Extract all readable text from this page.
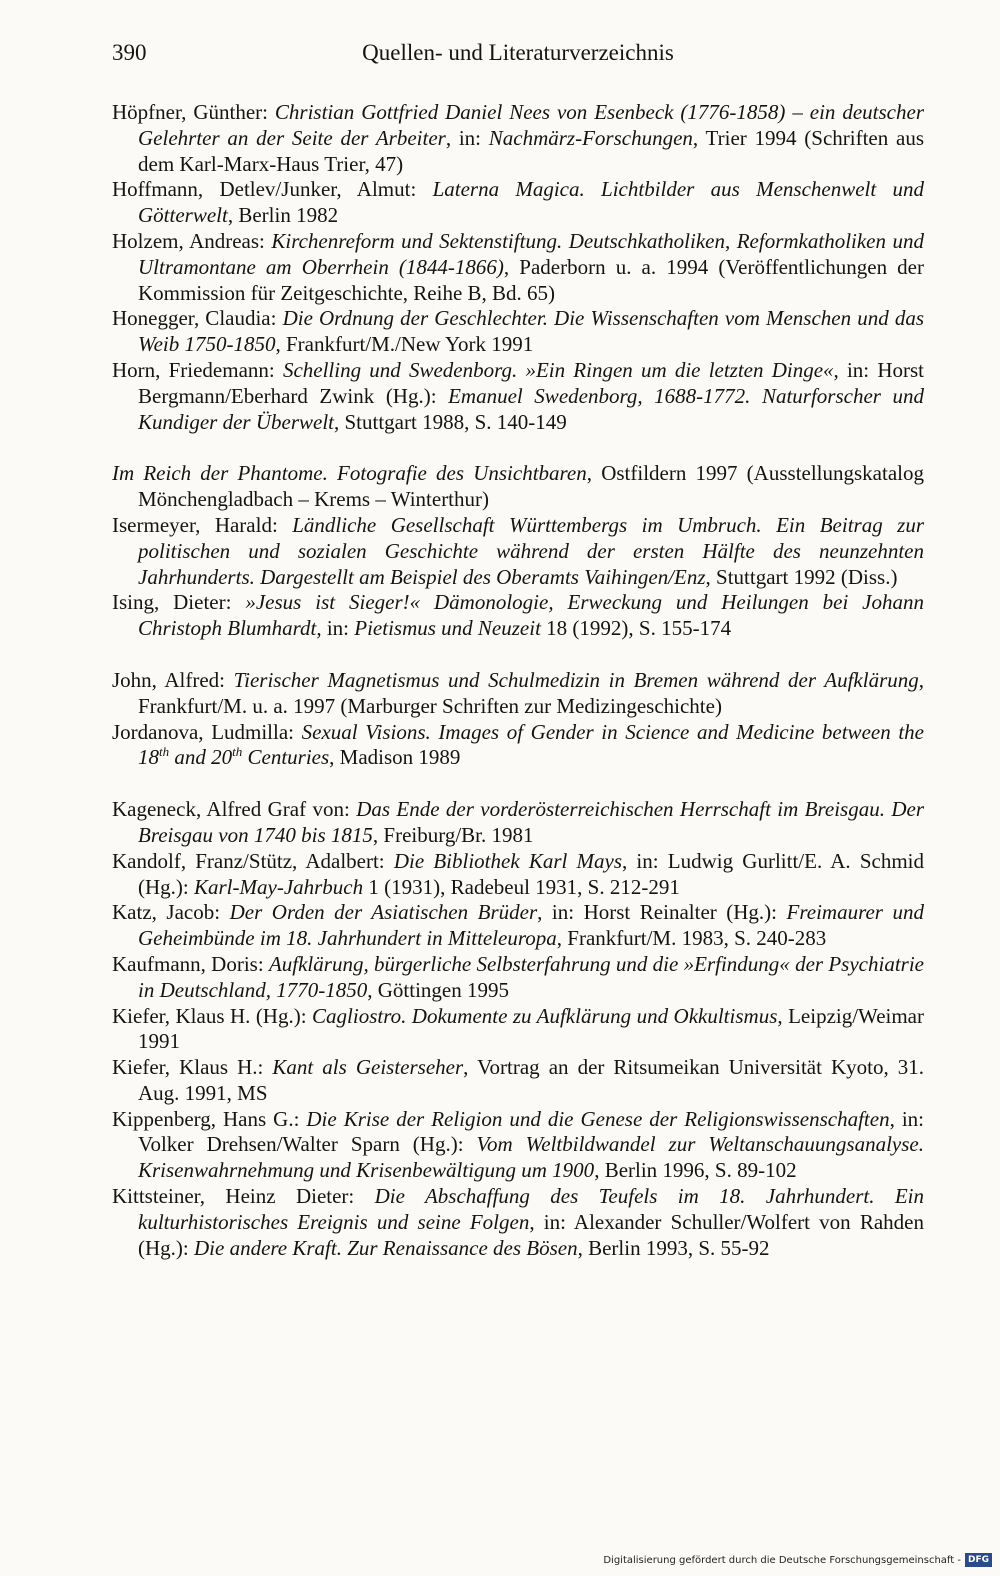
390	Quellen- und Literaturverzeichnis

Höpfner, Günther: Christian Gottfried Daniel Nees von Esenbeck (1776-1858) – ein deutscher Gelehrter an der Seite der Arbeiter, in: Nachmärz-Forschungen, Trier 1994 (Schriften aus dem Karl-Marx-Haus Trier, 47)

Hoffmann, Detlev/Junker, Almut: Laterna Magica. Lichtbilder aus Menschenwelt und Götterwelt, Berlin 1982

Holzem, Andreas: Kirchenreform und Sektenstiftung. Deutschkatholiken, Reformkatholiken und Ultramontane am Oberrhein (1844-1866), Paderborn u. a. 1994 (Veröffentlichungen der Kommission für Zeitgeschichte, Reihe B, Bd. 65)

Honegger, Claudia: Die Ordnung der Geschlechter. Die Wissenschaften vom Menschen und das Weib 1750-1850, Frankfurt/M./New York 1991

Horn, Friedemann: Schelling und Swedenborg. »Ein Ringen um die letzten Dinge«, in: Horst Bergmann/Eberhard Zwink (Hg.): Emanuel Swedenborg, 1688-1772. Naturforscher und Kundiger der Überwelt, Stuttgart 1988, S. 140-149

Im Reich der Phantome. Fotografie des Unsichtbaren, Ostfildern 1997 (Ausstellungskatalog Mönchengladbach – Krems – Winterthur)

Isermeyer, Harald: Ländliche Gesellschaft Württembergs im Umbruch. Ein Beitrag zur politischen und sozialen Geschichte während der ersten Hälfte des neunzehnten Jahrhunderts. Dargestellt am Beispiel des Oberamts Vaihingen/Enz, Stuttgart 1992 (Diss.)

Ising, Dieter: »Jesus ist Sieger!« Dämonologie, Erweckung und Heilungen bei Johann Christoph Blumhardt, in: Pietismus und Neuzeit 18 (1992), S. 155-174

John, Alfred: Tierischer Magnetismus und Schulmedizin in Bremen während der Aufklärung, Frankfurt/M. u. a. 1997 (Marburger Schriften zur Medizingeschichte)

Jordanova, Ludmilla: Sexual Visions. Images of Gender in Science and Medicine between the 18th and 20th Centuries, Madison 1989

Kageneck, Alfred Graf von: Das Ende der vorderösterreichischen Herrschaft im Breisgau. Der Breisgau von 1740 bis 1815, Freiburg/Br. 1981

Kandolf, Franz/Stütz, Adalbert: Die Bibliothek Karl Mays, in: Ludwig Gurlitt/E. A. Schmid (Hg.): Karl-May-Jahrbuch 1 (1931), Radebeul 1931, S. 212-291

Katz, Jacob: Der Orden der Asiatischen Brüder, in: Horst Reinalter (Hg.): Freimaurer und Geheimbünde im 18. Jahrhundert in Mitteleuropa, Frankfurt/M. 1983, S. 240-283

Kaufmann, Doris: Aufklärung, bürgerliche Selbsterfahrung und die »Erfindung« der Psychiatrie in Deutschland, 1770-1850, Göttingen 1995

Kiefer, Klaus H. (Hg.): Cagliostro. Dokumente zu Aufklärung und Okkultismus, Leipzig/Weimar 1991

Kiefer, Klaus H.: Kant als Geisterseher, Vortrag an der Ritsumeikan Universität Kyoto, 31. Aug. 1991, MS

Kippenberg, Hans G.: Die Krise der Religion und die Genese der Religionswissenschaften, in: Volker Drehsen/Walter Sparn (Hg.): Vom Weltbildwandel zur Weltanschauungsanalyse. Krisenwahrnehmung und Krisenbewältigung um 1900, Berlin 1996, S. 89-102

Kittsteiner, Heinz Dieter: Die Abschaffung des Teufels im 18. Jahrhundert. Ein kulturhistorisches Ereignis und seine Folgen, in: Alexander Schuller/Wolfert von Rahden (Hg.): Die andere Kraft. Zur Renaissance des Bösen, Berlin 1993, S. 55-92

Digitalisierung gefördert durch die Deutsche Forschungsgemeinschaft - DFG
